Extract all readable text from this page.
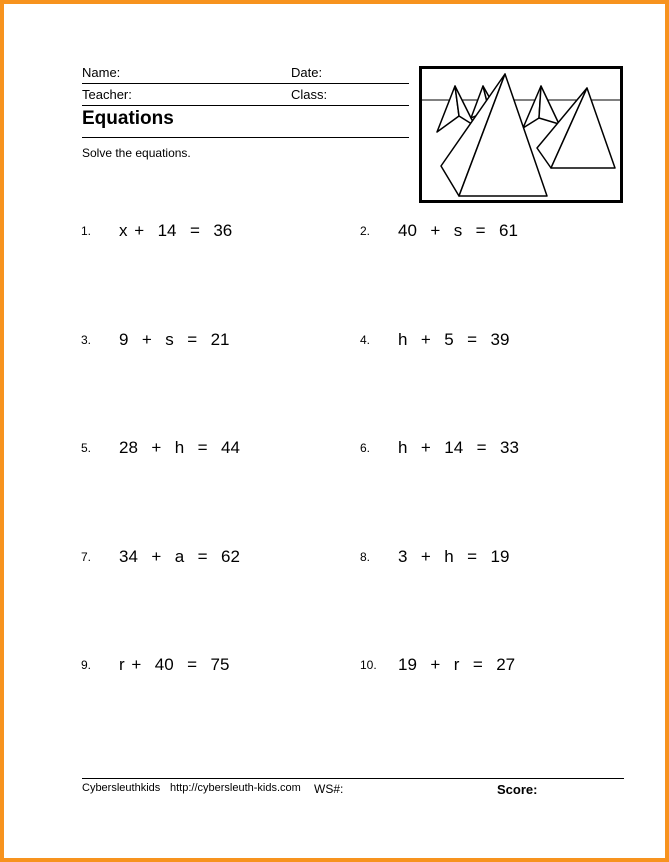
Name:	Date:
Teacher:	Class:
Equations
Solve the equations.
1. x +  14  =  36	2. 40  +  s  =  61
3. 9  +  s  =  21	4. h  +  5  =  39
5. 28  +  h  =  44	6. h  +  14  =  33
7. 34  +  a  =  62	8. 3  +  h  =  19
9. r +  40  =  75	10. 19  +  r  =  27
Cybersleuthkids http://cybersleuth-kids.com WS#:	Score:
